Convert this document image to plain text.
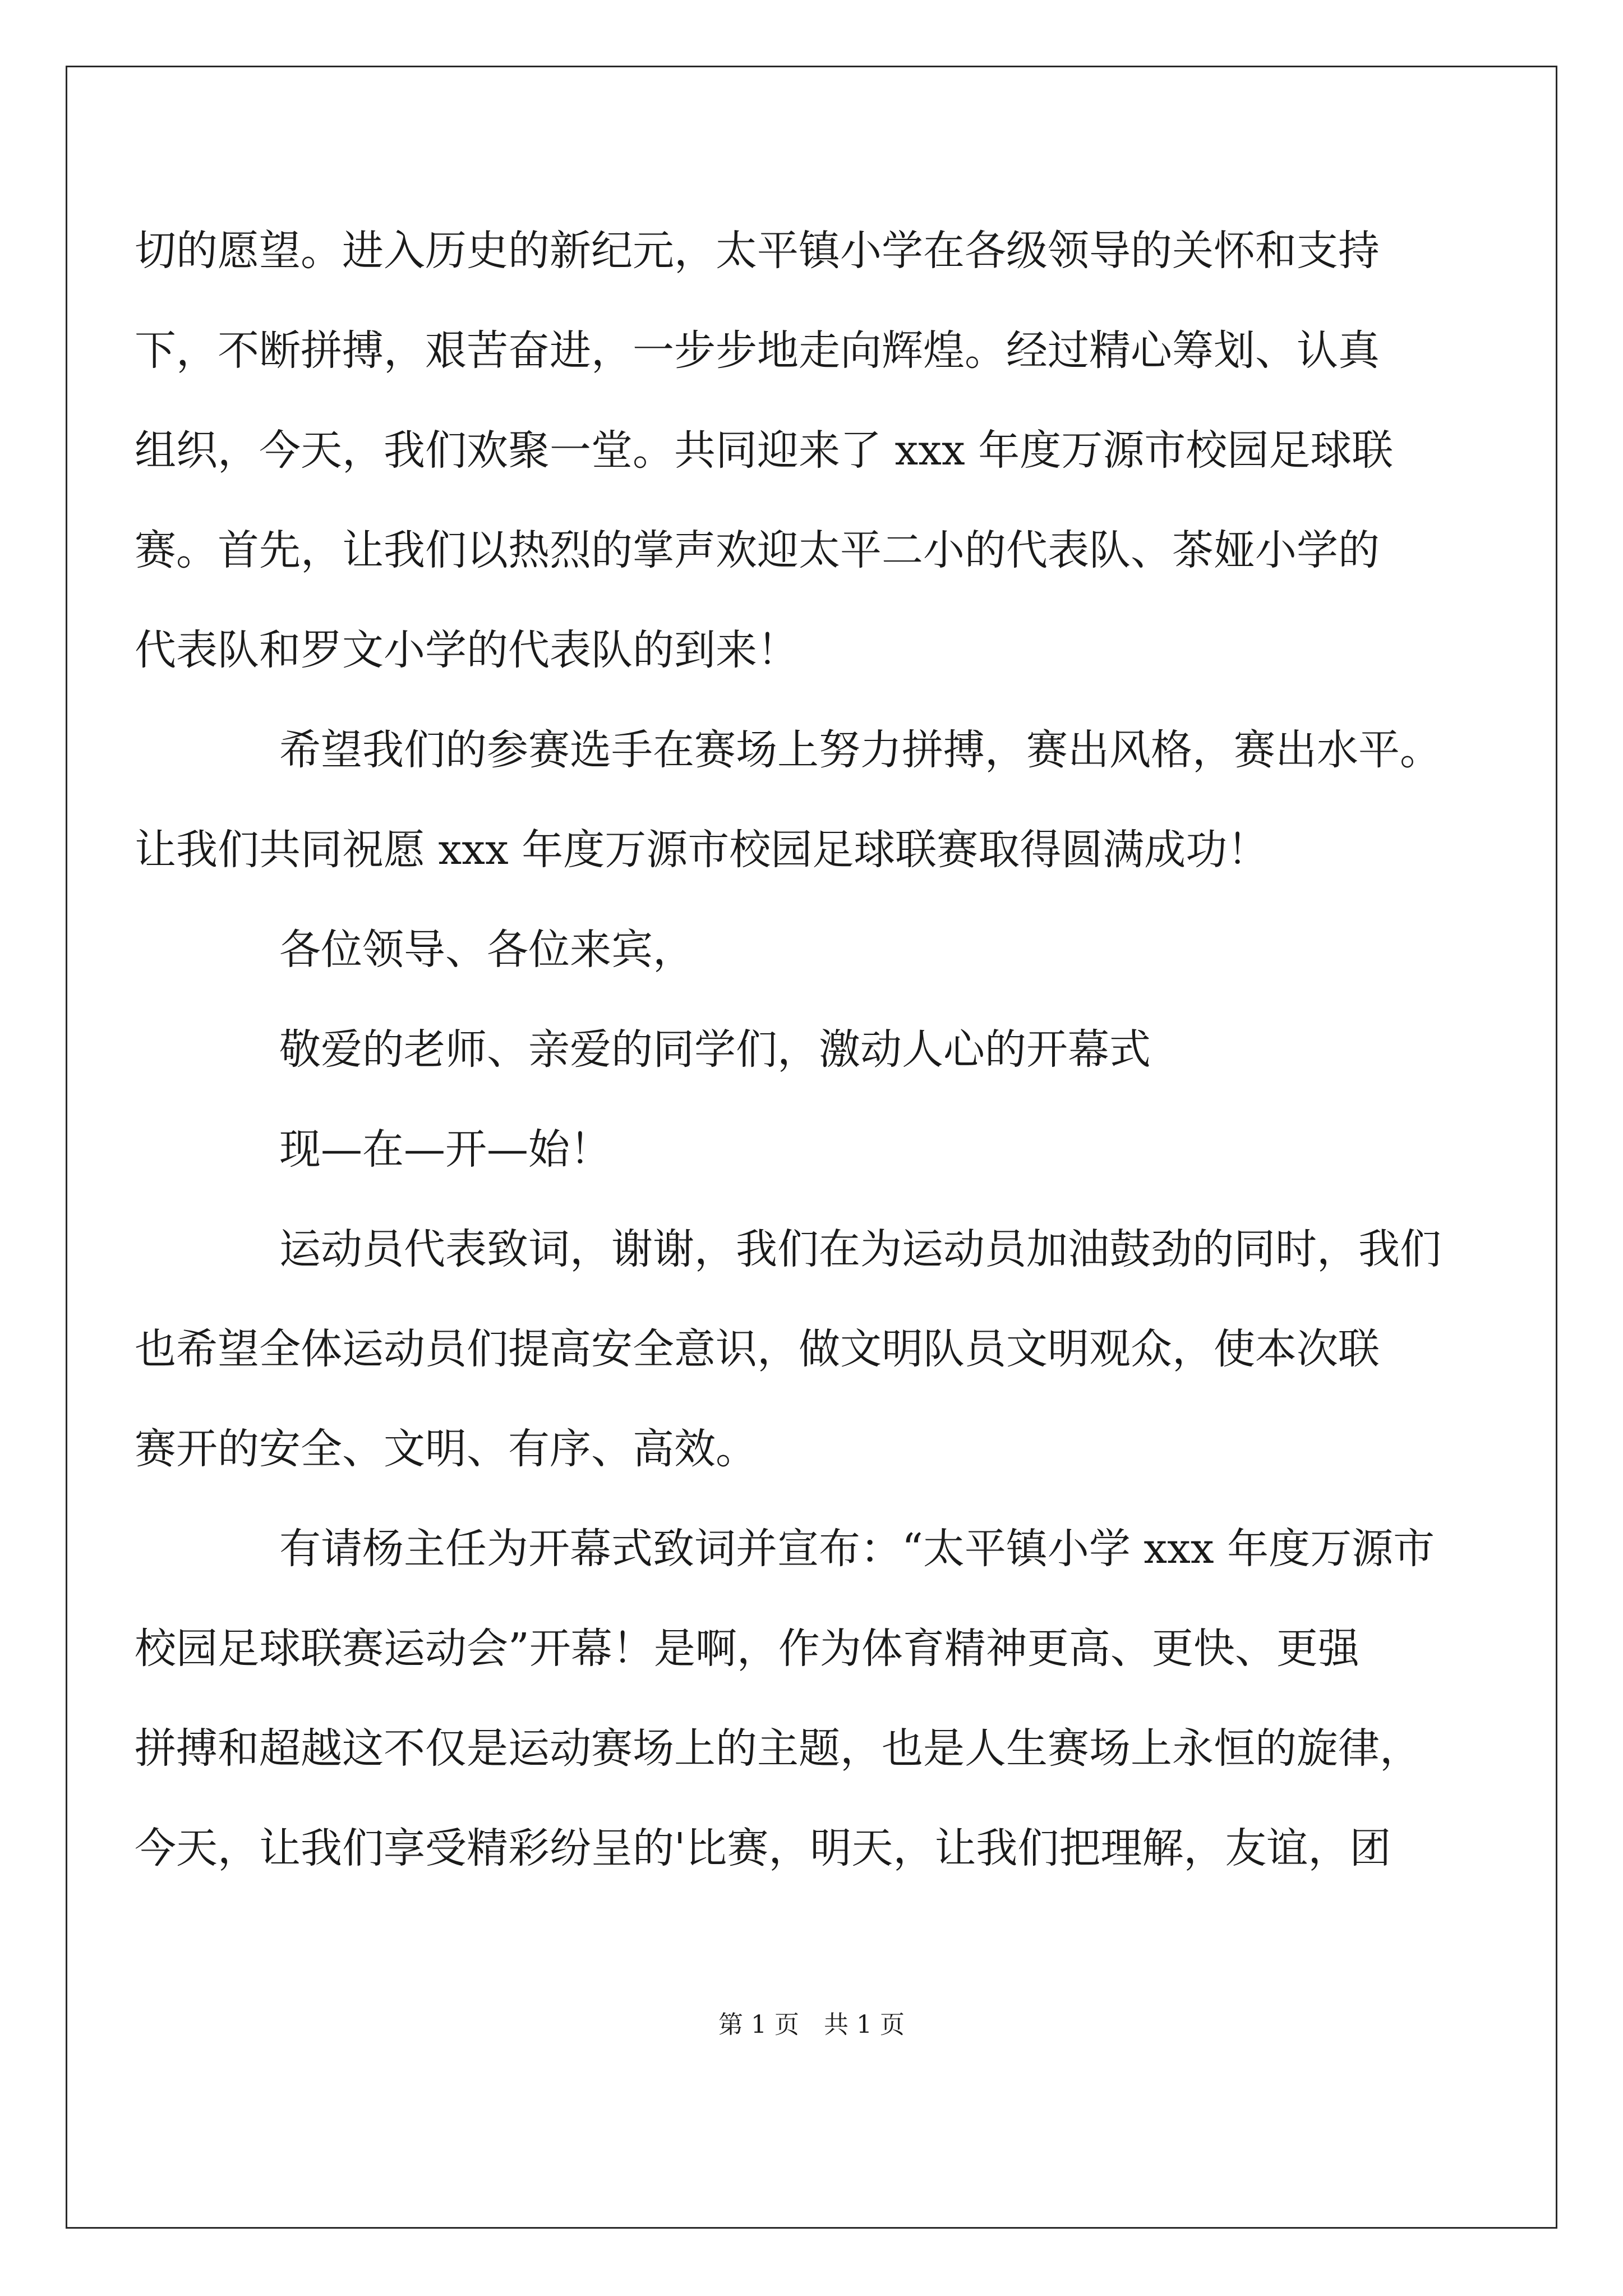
切的愿望。进入历史的新纪元，太平镇小学在各级领导的关怀和支持
下，不断拼搏，艰苦奋进，一步步地走向辉煌。经过精心筹划、认真
组织，今天，我们欢聚一堂。共同迎来了 xxx 年度万源市校园足球联
赛。首先，让我们以热烈的掌声欢迎太平二小的代表队、茶娅小学的
代表队和罗文小学的代表队的到来！
希望我们的参赛选手在赛场上努力拼搏，赛出风格，赛出水平。
让我们共同祝愿 xxx 年度万源市校园足球联赛取得圆满成功！
各位领导、各位来宾，
敬爱的老师、亲爱的同学们，激动人心的开幕式
现—在—开—始！
运动员代表致词，谢谢，我们在为运动员加油鼓劲的同时，我们
也希望全体运动员们提高安全意识，做文明队员文明观众，使本次联
赛开的安全、文明、有序、高效。
有请杨主任为开幕式致词并宣布：“太平镇小学 xxx 年度万源市
校园足球联赛运动会”开幕！是啊，作为体育精神更高、更快、更强
拼搏和超越这不仅是运动赛场上的主题，也是人生赛场上永恒的旋律，
今天，让我们享受精彩纷呈的'比赛，明天，让我们把理解，友谊，团
第 1 页　共 1 页
